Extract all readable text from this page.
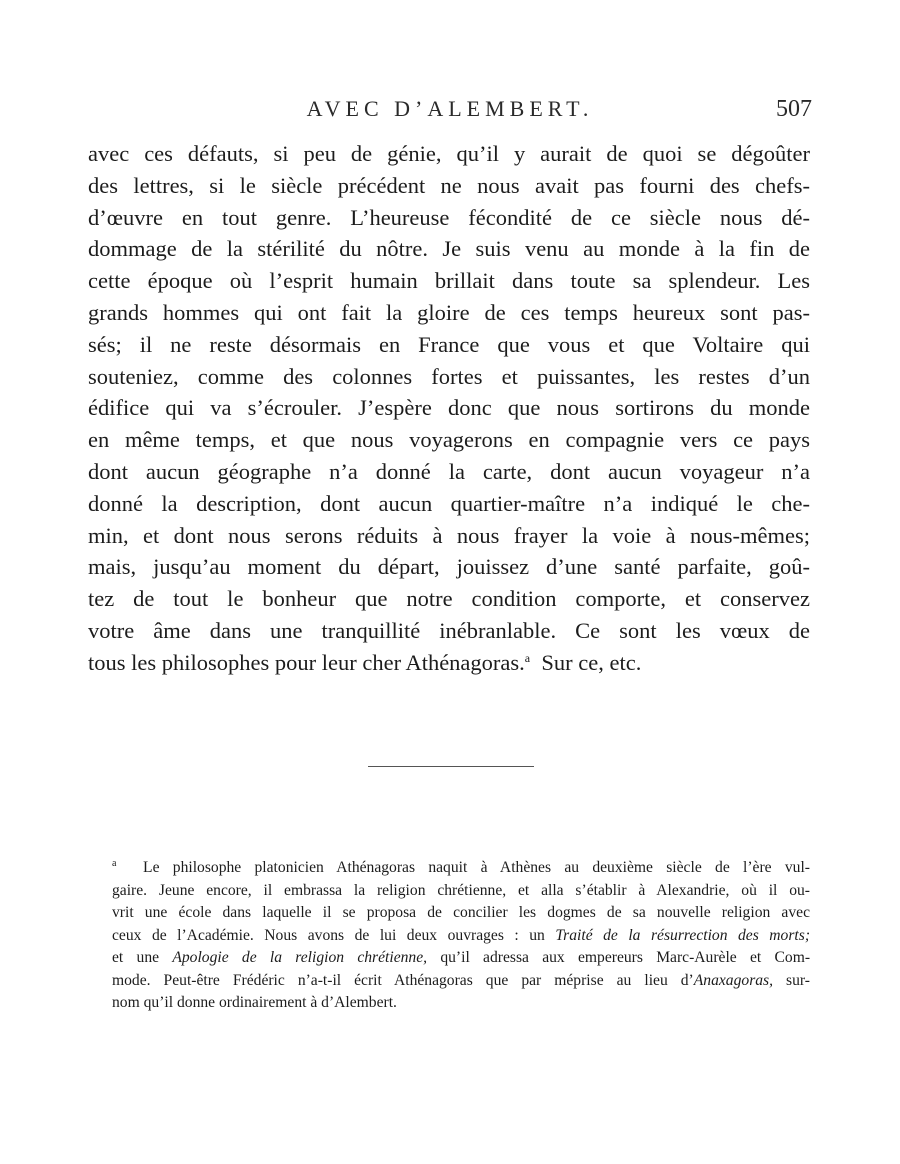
AVEC D’ALEMBERT.	507
avec ces défauts, si peu de génie, qu’il y aurait de quoi se dégoûter
des lettres, si le siècle précédent ne nous avait pas fourni des chefs-
d’œuvre en tout genre. L’heureuse fécondité de ce siècle nous dé-
dommage de la stérilité du nôtre. Je suis venu au monde à la fin de
cette époque où l’esprit humain brillait dans toute sa splendeur. Les
grands hommes qui ont fait la gloire de ces temps heureux sont pas-
sés; il ne reste désormais en France que vous et que Voltaire qui
souteniez, comme des colonnes fortes et puissantes, les restes d’un
édifice qui va s’écrouler. J’espère donc que nous sortirons du monde
en même temps, et que nous voyagerons en compagnie vers ce pays
dont aucun géographe n’a donné la carte, dont aucun voyageur n’a
donné la description, dont aucun quartier-maître n’a indiqué le che-
min, et dont nous serons réduits à nous frayer la voie à nous-mêmes;
mais, jusqu’au moment du départ, jouissez d’une santé parfaite, goû-
tez de tout le bonheur que notre condition comporte, et conservez
votre âme dans une tranquillité inébranlable. Ce sont les vœux de
tous les philosophes pour leur cher Athénagoras.$^a$ Sur ce, etc.
$^a$ Le philosophe platonicien Athénagoras naquit à Athènes au deuxième siècle de l’ère vul-
gaire. Jeune encore, il embrassa la religion chrétienne, et alla s’établir à Alexandrie, où il ou-
vrit une école dans laquelle il se proposa de concilier les dogmes de sa nouvelle religion avec
ceux de l’Académie. Nous avons de lui deux ouvrages : un Traité de la résurrection des morts;
et une Apologie de la religion chrétienne, qu’il adressa aux empereurs Marc-Aurèle et Com-
mode. Peut-être Frédéric n’a-t-il écrit Athénagoras que par méprise au lieu d’Anaxagoras, sur-
nom qu’il donne ordinairement à d’Alembert.
